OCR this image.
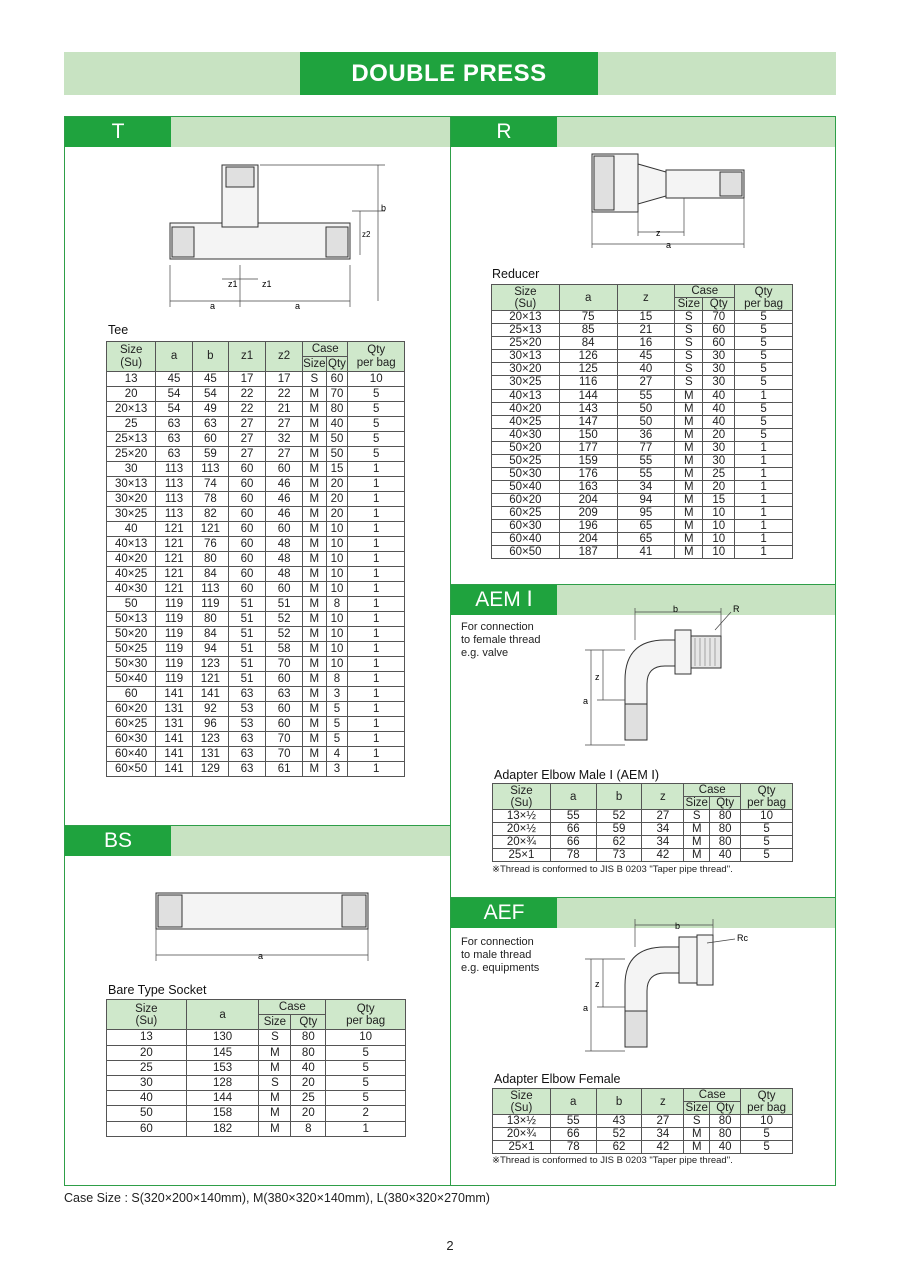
DOUBLE PRESS
T	R
AEM Ⅰ
AEF
BS
a	a
z1	z1
b
z2
Tee
Size
(Su)	a	b	z1	z2	Case		Qty
per bag
					Size	Qty	
13	45	45	17	17	S	60	10
20	54	54	22	22	M	70	5
20×13	54	49	22	21	M	80	5
25	63	63	27	27	M	40	5
25×13	63	60	27	32	M	50	5
25×20	63	59	27	27	M	50	5
30	113	113	60	60	M	15	1
30×13	113	74	60	46	M	20	1
30×20	113	78	60	46	M	20	1
30×25	113	82	60	46	M	20	1
40	121	121	60	60	M	10	1
40×13	121	76	60	48	M	10	1
40×20	121	80	60	48	M	10	1
40×25	121	84	60	48	M	10	1
40×30	121	113	60	60	M	10	1
50	119	119	51	51	M	8	1
50×13	119	80	51	52	M	10	1
50×20	119	84	51	52	M	10	1
50×25	119	94	51	58	M	10	1
50×30	119	123	51	70	M	10	1
50×40	119	121	51	60	M	8	1
60	141	141	63	63	M	3	1
60×20	131	92	53	60	M	5	1
60×25	131	96	53	60	M	5	1
60×30	141	123	63	70	M	5	1
60×40	141	131	63	70	M	4	1
60×50	141	129	63	61	M	3	1
z
a
Reducer
Size
(Su)	a	z	Case		Qty
per bag
			Size	Qty	
20×13	75	15	S	70	5
25×13	85	21	S	60	5
25×20	84	16	S	60	5
30×13	126	45	S	30	5
30×20	125	40	S	30	5
30×25	116	27	S	30	5
40×13	144	55	M	40	1
40×20	143	50	M	40	5
40×25	147	50	M	40	5
40×30	150	36	M	20	5
50×20	177	77	M	30	1
50×25	159	55	M	30	1
50×30	176	55	M	25	1
50×40	163	34	M	20	1
60×20	204	94	M	15	1
60×25	209	95	M	10	1
60×30	196	65	M	10	1
60×40	204	65	M	10	1
60×50	187	41	M	10	1
For connection
to female thread
e.g. valve
b	R
a
z
Adapter Elbow Male Ⅰ (AEM Ⅰ)
Size
(Su)	a	b	z	Case		Qty
per bag
				Size	Qty	
13×½	55	52	27	S	80	10
20×½	66	59	34	M	80	5
20×¾	66	62	34	M	80	5
25×1	78	73	42	M	40	5
※Thread is conformed to JIS B 0203 "Taper pipe thread".
For connection
to male thread
e.g. equipments
b
Rc
a
z
Adapter Elbow Female
Size
(Su)	a	b	z	Case		Qty
per bag
				Size	Qty	
13×½	55	43	27	S	80	10
20×¾	66	52	34	M	80	5
25×1	78	62	42	M	40	5
※Thread is conformed to JIS B 0203 "Taper pipe thread".
a
Bare Type Socket
Size
(Su)	a	Case		Qty
per bag
		Size	Qty	
13	130	S	80	10
20	145	M	80	5
25	153	M	40	5
30	128	S	20	5
40	144	M	25	5
50	158	M	20	2
60	182	M	8	1
Case Size : S(320×200×140mm), M(380×320×140mm), L(380×320×270mm)
2
